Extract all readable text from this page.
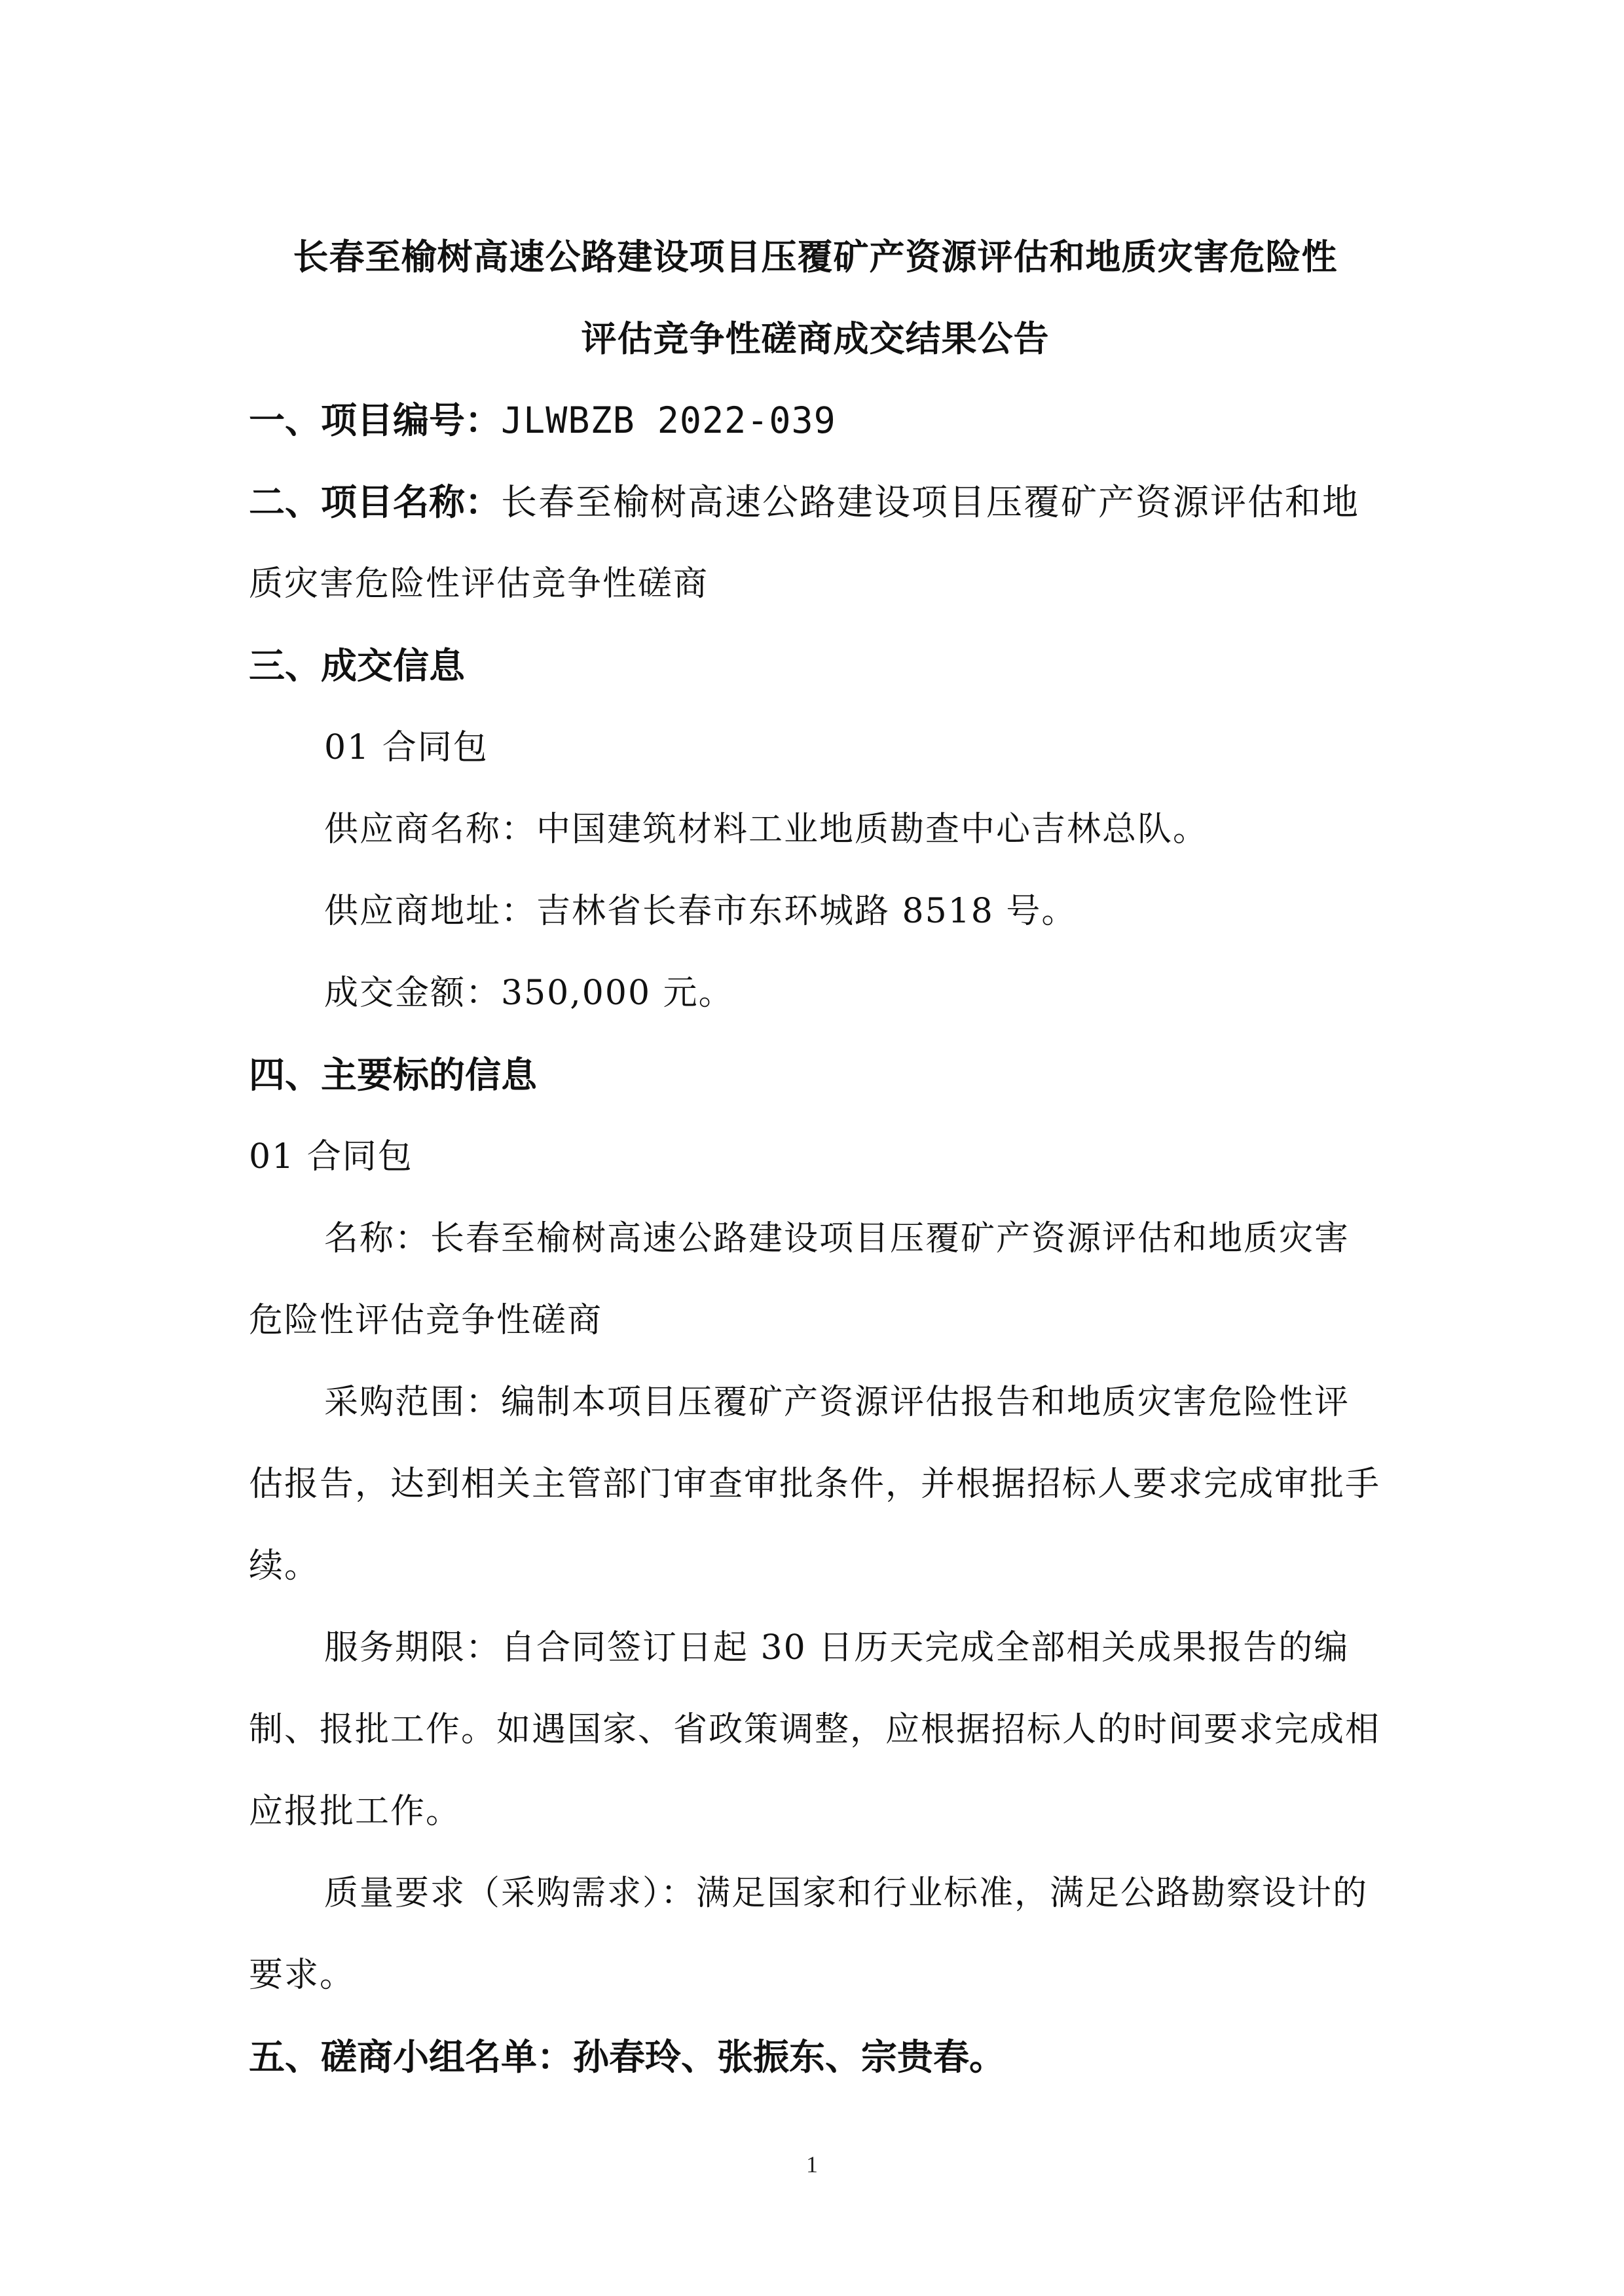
长春至榆树高速公路建设项目压覆矿产资源评估和地质灾害危险性

评估竞争性磋商成交结果公告

一、项目编号：JLWBZB 2022-039

二、项目名称：长春至榆树高速公路建设项目压覆矿产资源评估和地

质灾害危险性评估竞争性磋商

三、成交信息

01 合同包

供应商名称：中国建筑材料工业地质勘查中心吉林总队。

供应商地址：吉林省长春市东环城路 8518 号。

成交金额：350,000 元。

四、主要标的信息

01 合同包

名称：长春至榆树高速公路建设项目压覆矿产资源评估和地质灾害危险性评估竞争性磋商

采购范围：编制本项目压覆矿产资源评估报告和地质灾害危险性评估报告，达到相关主管部门审查审批条件，并根据招标人要求完成审批手续。

服务期限：自合同签订日起 30 日历天完成全部相关成果报告的编制、报批工作。如遇国家、省政策调整，应根据招标人的时间要求完成相应报批工作。

质量要求（采购需求）：满足国家和行业标准，满足公路勘察设计的要求。

五、磋商小组名单：孙春玲、张振东、宗贵春。

1
